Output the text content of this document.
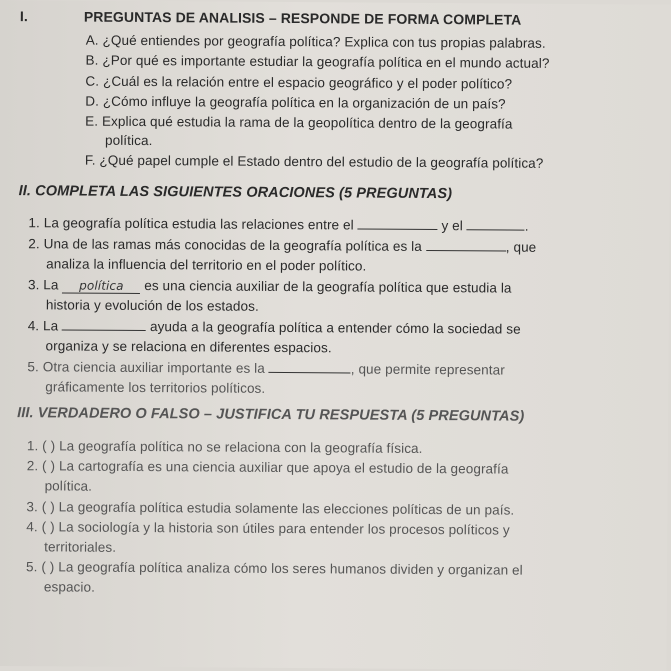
I.	PREGUNTAS DE ANALISIS – RESPONDE DE FORMA COMPLETA
A. ¿Qué entiendes por geografía política? Explica con tus propias palabras.
B. ¿Por qué es importante estudiar la geografía política en el mundo actual?
C. ¿Cuál es la relación entre el espacio geográfico y el poder político?
D. ¿Cómo influye la geografía política en la organización de un país?
E. Explica qué estudia la rama de la geopolítica dentro de la geografía
política.
F. ¿Qué papel cumple el Estado dentro del estudio de la geografía política?
II. COMPLETA LAS SIGUIENTES ORACIONES (5 PREGUNTAS)
1. La geografía política estudia las relaciones entre el	y el	.
2. Una de las ramas más conocidas de la geografía política es la	, que
analiza la influencia del territorio en el poder político.
3. La política es una ciencia auxiliar de la geografía política que estudia la
historia y evolución de los estados.
4. La	ayuda a la geografía política a entender cómo la sociedad se
organiza y se relaciona en diferentes espacios.
5. Otra ciencia auxiliar importante es la	, que permite representar
gráficamente los territorios políticos.
III. VERDADERO O FALSO – JUSTIFICA TU RESPUESTA (5 PREGUNTAS)
1. ( ) La geografía política no se relaciona con la geografía física.
2. ( ) La cartografía es una ciencia auxiliar que apoya el estudio de la geografía
política.
3. ( ) La geografía política estudia solamente las elecciones políticas de un país.
4. ( ) La sociología y la historia son útiles para entender los procesos políticos y
territoriales.
5. ( ) La geografía política analiza cómo los seres humanos dividen y organizan el
espacio.
